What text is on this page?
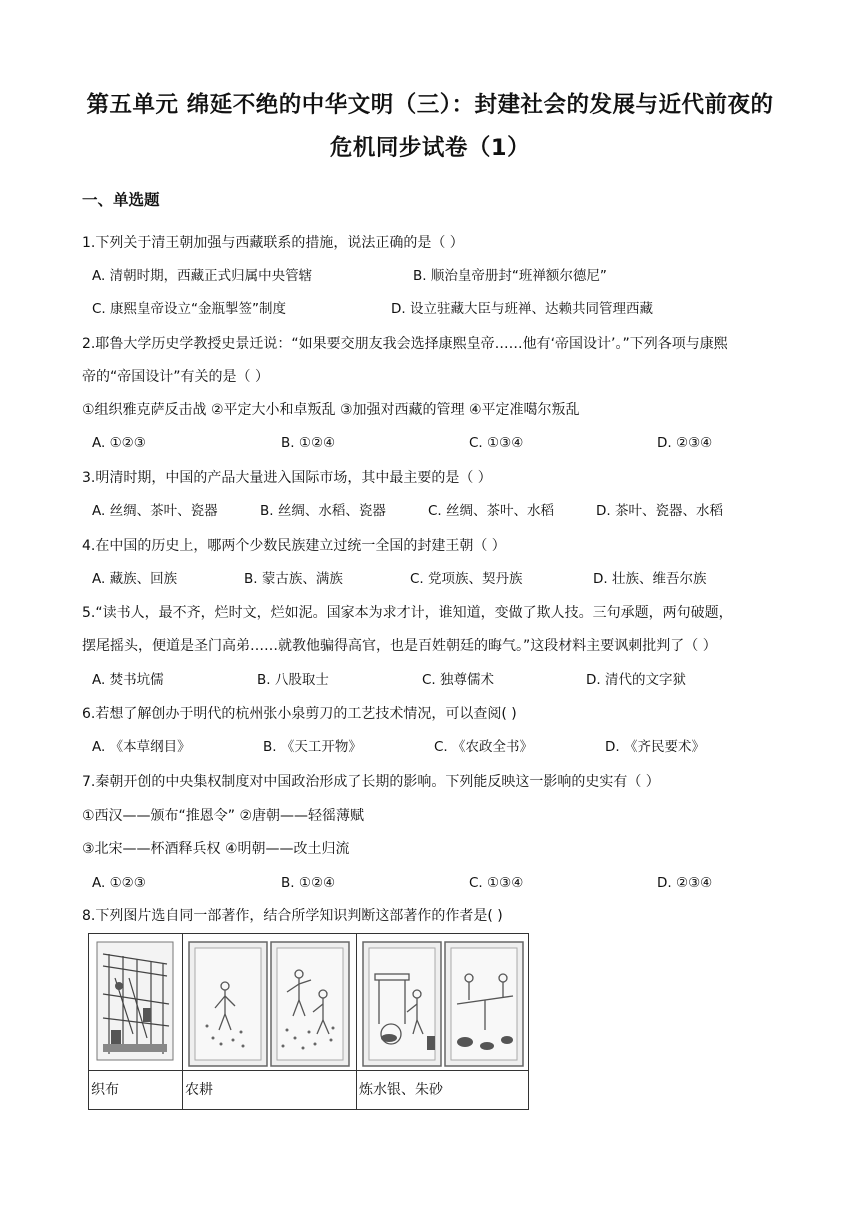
第五单元 绵延不绝的中华文明（三）：封建社会的发展与近代前夜的
危机同步试卷（1）
一、单选题
1.下列关于清王朝加强与西藏联系的措施，说法正确的是（ ）
A. 清朝时期，西藏正式归属中央管辖	B. 顺治皇帝册封“班禅额尔德尼”
C. 康熙皇帝设立“金瓶掣签”制度	D. 设立驻藏大臣与班禅、达赖共同管理西藏
2.耶鲁大学历史学教授史景迁说：“如果要交朋友我会选择康熙皇帝……他有‘帝国设计’。”下列各项与康熙
帝的“帝国设计”有关的是（ ）
①组织雅克萨反击战 ②平定大小和卓叛乱 ③加强对西藏的管理 ④平定准噶尔叛乱
A. ①②③	B. ①②④	C. ①③④	D. ②③④
3.明清时期，中国的产品大量进入国际市场，其中最主要的是（ ）
A. 丝绸、茶叶、瓷器	B. 丝绸、水稻、瓷器	C. 丝绸、茶叶、水稻	D. 茶叶、瓷器、水稻
4.在中国的历史上，哪两个少数民族建立过统一全国的封建王朝（ ）
A. 藏族、回族	B. 蒙古族、满族	C. 党项族、契丹族	D. 壮族、维吾尔族
5.“读书人，最不齐，烂时文，烂如泥。国家本为求才计，谁知道，变做了欺人技。三句承题，两句破题，
摆尾摇头，便道是圣门高弟……就教他骗得高官，也是百姓朝廷的晦气。”这段材料主要讽刺批判了（ ）
A. 焚书坑儒	B. 八股取士	C. 独尊儒术	D. 清代的文字狱
6.若想了解创办于明代的杭州张小泉剪刀的工艺技术情况，可以查阅( )
A. 《本草纲目》	B. 《天工开物》	C. 《农政全书》	D. 《齐民要术》
7.秦朝开创的中央集权制度对中国政治形成了长期的影响。下列能反映这一影响的史实有（ ）
①西汉——颁布“推恩令” ②唐朝——轻徭薄赋
③北宋——杯酒释兵权 ④明朝——改土归流
A. ①②③	B. ①②④	C. ①③④	D. ②③④
8.下列图片选自同一部著作，结合所学知识判断这部著作的作者是( )

织布	农耕	炼水银、朱砂
